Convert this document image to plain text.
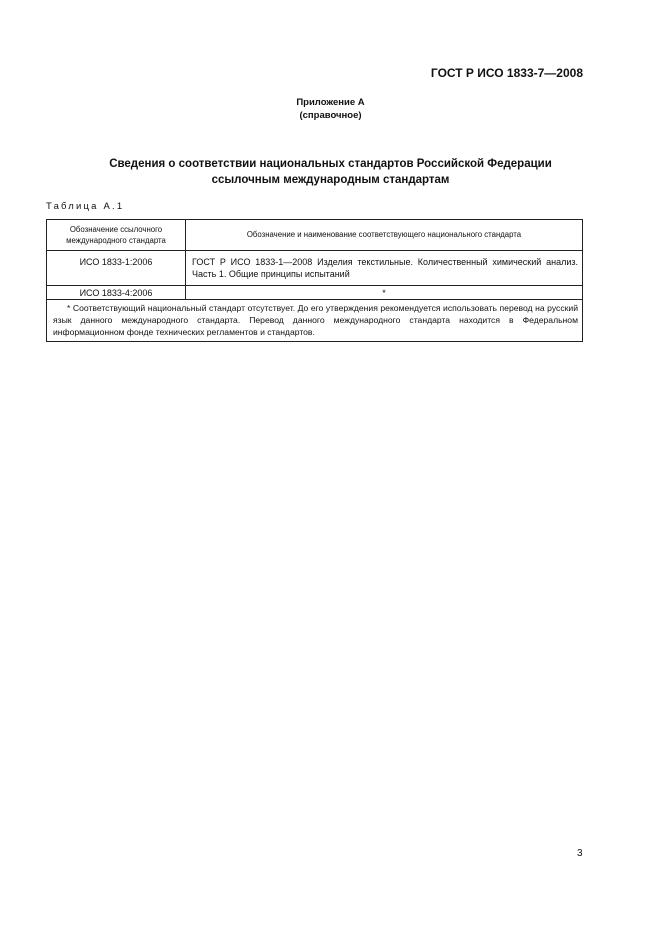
ГОСТ Р ИСО 1833-7—2008
Приложение А
(справочное)
Сведения о соответствии национальных стандартов Российской Федерации
ссылочным международным стандартам
Таблица А.1
Обозначение ссылочного международного стандарта	Обозначение и наименование соответствующего национального стандарта
ИСО 1833-1:2006	ГОСТ Р ИСО 1833-1—2008 Изделия текстильные. Количественный химический анализ. Часть 1. Общие принципы испытаний
ИСО 1833-4:2006	*
* Соответствующий национальный стандарт отсутствует. До его утверждения рекомендуется использовать перевод на русский язык данного международного стандарта. Перевод данного международного стандарта находится в Федеральном информационном фонде технических регламентов и стандартов.	
3
